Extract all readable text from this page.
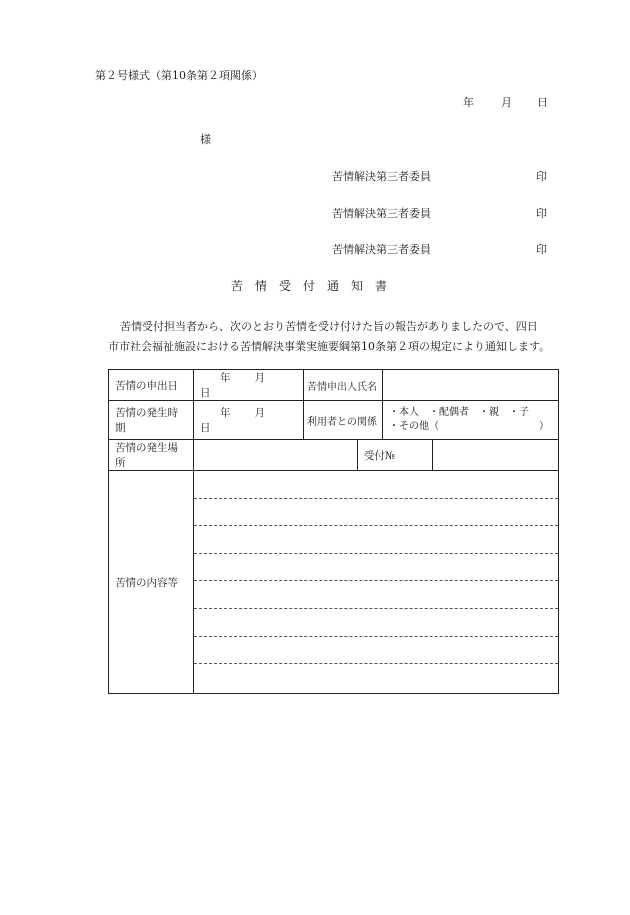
第２号様式（第10条第２項関係）
年 月 日
様
苦情解決第三者委員	印
苦情解決第三者委員	印
苦情解決第三者委員	印
苦情受付通知書
苦情受付担当者から、次のとおり苦情を受け付けた旨の報告がありましたので、四日
市市社会福祉施設における苦情解決事業実施要綱第10条第２項の規定により通知します。
苦情の申出日	年 月日	苦情申出人氏名			
苦情の発生時期	年 月日	利用者との関係		・本人　・配偶者　・親　・子
・その他（　　　　　　　　　　）	

苦情の発生場所			受付№		
苦情の内容等					
